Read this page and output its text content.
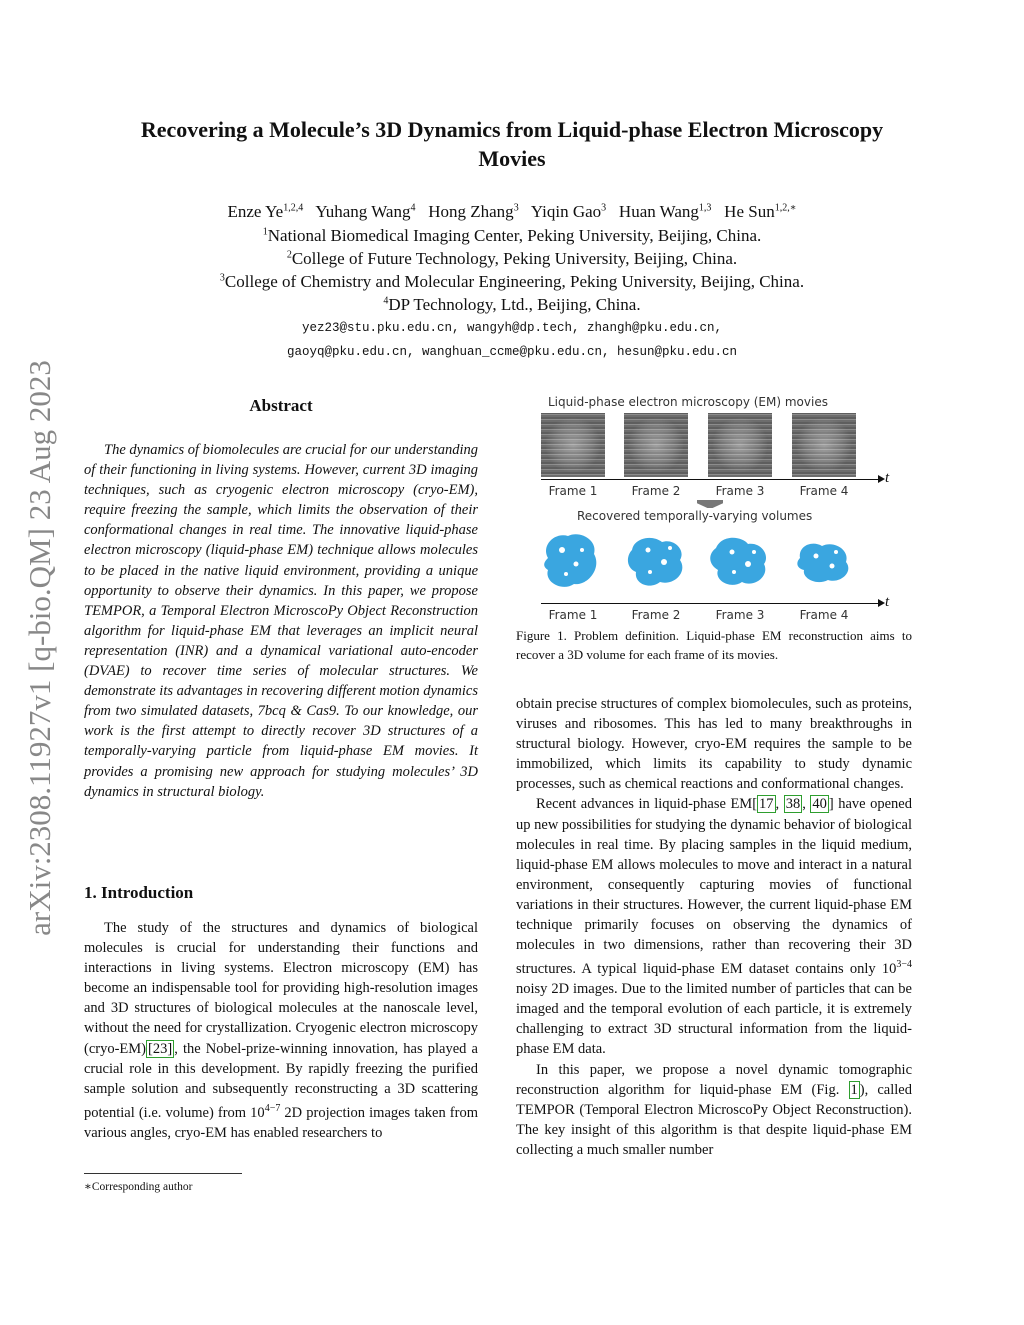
arXiv:2308.11927v1 [q-bio.QM] 23 Aug 2023
Recovering a Molecule’s 3D Dynamics from Liquid-phase Electron Microscopy
Movies
Enze Ye$^{1,2,4}$ Yuhang Wang$^4$ Hong Zhang$^3$ Yiqin Gao$^3$ Huan Wang$^{1,3}$ He Sun$^{1,2,∗}$
$^1$National Biomedical Imaging Center, Peking University, Beijing, China.
$^2$College of Future Technology, Peking University, Beijing, China.
$^3$College of Chemistry and Molecular Engineering, Peking University, Beijing, China.
$^4$DP Technology, Ltd., Beijing, China.
yez23@stu.pku.edu.cn, wangyh@dp.tech, zhangh@pku.edu.cn,
gaoyq@pku.edu.cn, wanghuan_ccme@pku.edu.cn, hesun@pku.edu.cn
Abstract
The dynamics of biomolecules are crucial for our understanding of their functioning in living systems. However, current 3D imaging techniques, such as cryogenic electron microscopy (cryo-EM), require freezing the sample, which limits the observation of their conformational changes in real time. The innovative liquid-phase electron microscopy (liquid-phase EM) technique allows molecules to be placed in the native liquid environment, providing a unique opportunity to observe their dynamics. In this paper, we propose TEMPOR, a Temporal Electron MicroscoPy Object Reconstruction algorithm for liquid-phase EM that leverages an implicit neural representation (INR) and a dynamical variational auto-encoder (DVAE) to recover time series of molecular structures. We demonstrate its advantages in recovering different motion dynamics from two simulated datasets, 7bcq & Cas9. To our knowledge, our work is the first attempt to directly recover 3D structures of a temporally-varying particle from liquid-phase EM movies. It provides a promising new approach for studying molecules’ 3D dynamics in structural biology.
1. Introduction

The study of the structures and dynamics of biological molecules is crucial for understanding their functions and interactions in living systems. Electron microscopy (EM) has become an indispensable tool for providing high-resolution images and 3D structures of biological molecules at the nanoscale level, without the need for crystallization. Cryogenic electron microscopy (cryo-EM) [23] , the Nobel-prize-winning innovation, has played a crucial role in this development. By rapidly freezing the purified sample solution and subsequently reconstructing a 3D scattering potential (i.e. volume) from $10^{4-7}$ 2D projection images taken from various angles, cryo-EM has enabled researchers to

∗Corresponding author
Liquid-phase electron microscopy (EM) movies
t
Frame 1	Frame 2	Frame 3	Frame 4
Recovered temporally-varying volumes
t
Frame 1	Frame 2	Frame 3	Frame 4
Figure 1. Problem definition. Liquid-phase EM reconstruction aims to recover a 3D volume for each frame of its movies.

obtain precise structures of complex biomolecules, such as proteins, viruses and ribosomes. This has led to many breakthroughs in structural biology. However, cryo-EM requires the sample to be immobilized, which limits its capability to study dynamic processes, such as chemical reactions and conformational changes.

Recent advances in liquid-phase EM[ 17 , 38 , 40 ] have opened up new possibilities for studying the dynamic behavior of biological molecules in real time. By placing samples in the liquid medium, liquid-phase EM allows molecules to move and interact in a natural environment, consequently capturing movies of functional variations in their structures. However, the current liquid-phase EM technique primarily focuses on observing the dynamics of molecules in two dimensions, rather than recovering their 3D structures. A typical liquid-phase EM dataset contains only $10^{3-4}$ noisy 2D images. Due to the limited number of particles that can be imaged and the temporal evolution of each particle, it is extremely challenging to extract 3D structural information from the liquid-phase EM data.

In this paper, we propose a novel dynamic tomographic reconstruction algorithm for liquid-phase EM (Fig. 1 ), called TEMPOR (Temporal Electron MicroscoPy Object Reconstruction). The key insight of this algorithm is that despite liquid-phase EM collecting a much smaller number
